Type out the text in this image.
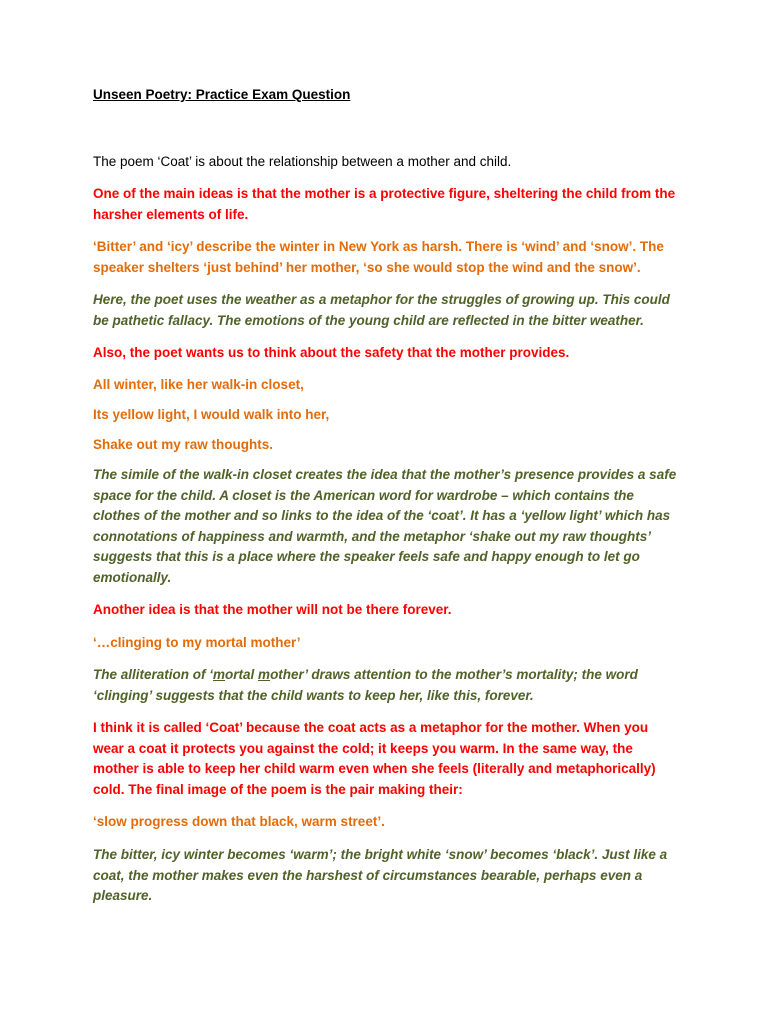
Unseen Poetry: Practice Exam Question

The poem ‘Coat’ is about the relationship between a mother and child.

One of the main ideas is that the mother is a protective figure, sheltering the child from the harsher elements of life.

‘Bitter’ and ‘icy’ describe the winter in New York as harsh. There is ‘wind’ and ‘snow’. The speaker shelters ‘just behind’ her mother, ‘so she would stop the wind and the snow’.

Here, the poet uses the weather as a metaphor for the struggles of growing up. This could be pathetic fallacy. The emotions of the young child are reflected in the bitter weather.

Also, the poet wants us to think about the safety that the mother provides.

All winter, like her walk-in closet,

Its yellow light, I would walk into her,

Shake out my raw thoughts.

The simile of the walk-in closet creates the idea that the mother’s presence provides a safe space for the child. A closet is the American word for wardrobe – which contains the clothes of the mother and so links to the idea of the ‘coat’. It has a ‘yellow light’ which has connotations of happiness and warmth, and the metaphor ‘shake out my raw thoughts’ suggests that this is a place where the speaker feels safe and happy enough to let go emotionally.

Another idea is that the mother will not be there forever.

‘…clinging to my mortal mother’

The alliteration of ‘mortal mother’ draws attention to the mother’s mortality; the word ‘clinging’ suggests that the child wants to keep her, like this, forever.

I think it is called ‘Coat’ because the coat acts as a metaphor for the mother. When you wear a coat it protects you against the cold; it keeps you warm. In the same way, the mother is able to keep her child warm even when she feels (literally and metaphorically) cold. The final image of the poem is the pair making their:

‘slow progress down that black, warm street’.

The bitter, icy winter becomes ‘warm’; the bright white ‘snow’ becomes ‘black’. Just like a coat, the mother makes even the harshest of circumstances bearable, perhaps even a pleasure.
